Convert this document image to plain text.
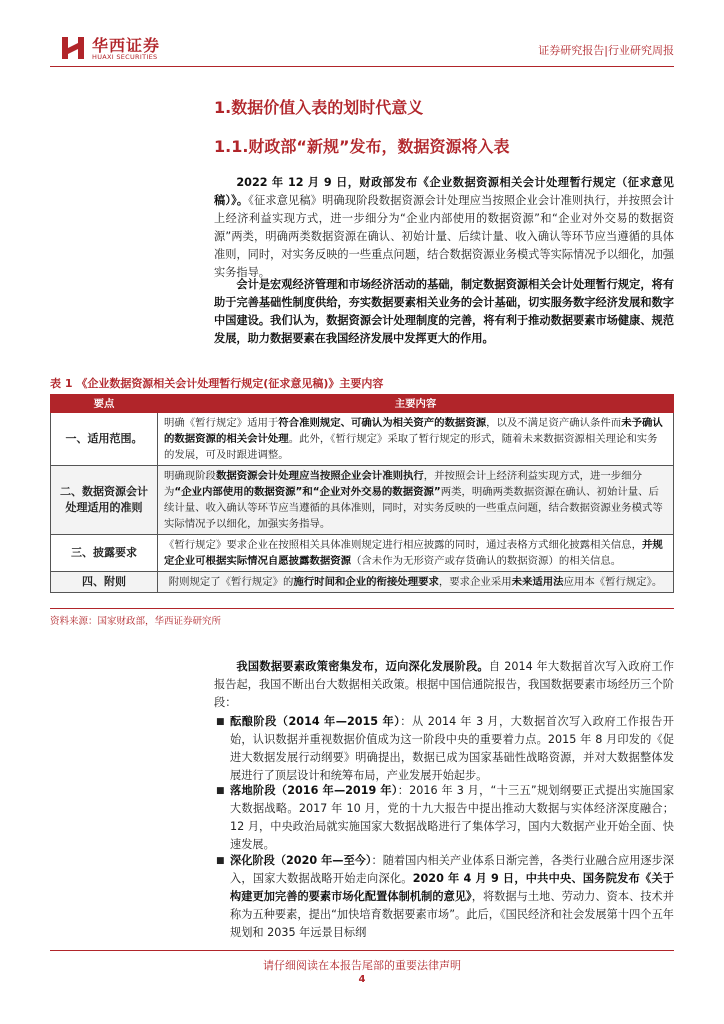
华西证券
HUAXI SECURITIES	证券研究报告|行业研究周报
1.数据价值入表的划时代意义
1.1.财政部“新规”发布，数据资源将入表
2022 年 12 月 9 日，财政部发布《企业数据资源相关会计处理暂行规定（征求意见稿）》。《征求意见稿》明确现阶段数据资源会计处理应当按照企业会计准则执行，并按照会计上经济利益实现方式，进一步细分为“企业内部使用的数据资源”和“企业对外交易的数据资源”两类，明确两类数据资源在确认、初始计量、后续计量、收入确认等环节应当遵循的具体准则，同时，对实务反映的一些重点问题，结合数据资源业务模式等实际情况予以细化，加强实务指导。
会计是宏观经济管理和市场经济活动的基础，制定数据资源相关会计处理暂行规定，将有助于完善基础性制度供给，夯实数据要素相关业务的会计基础，切实服务数字经济发展和数字中国建设。我们认为，数据资源会计处理制度的完善，将有利于推动数据要素市场健康、规范发展，助力数据要素在我国经济发展中发挥更大的作用。
表 1 《企业数据资源相关会计处理暂行规定(征求意见稿)》主要内容
要点	主要内容
一、适用范围。	明确《暂行规定》适用于符合准则规定、可确认为相关资产的数据资源，以及不满足资产确认条件而未予确认的数据资源的相关会计处理。此外，《暂行规定》采取了暂行规定的形式，随着未来数据资源相关理论和实务的发展，可及时跟进调整。
二、数据资源会计处理适用的准则	明确现阶段数据资源会计处理应当按照企业会计准则执行，并按照会计上经济利益实现方式，进一步细分为“企业内部使用的数据资源”和“企业对外交易的数据资源”两类，明确两类数据资源在确认、初始计量、后续计量、收入确认等环节应当遵循的具体准则，同时，对实务反映的一些重点问题，结合数据资源业务模式等实际情况予以细化，加强实务指导。
三、披露要求	《暂行规定》要求企业在按照相关具体准则规定进行相应披露的同时，通过表格方式细化披露相关信息，并规定企业可根据实际情况自愿披露数据资源（含未作为无形资产或存货确认的数据资源）的相关信息。
四、附则	附则规定了《暂行规定》的施行时间和企业的衔接处理要求，要求企业采用未来适用法应用本《暂行规定》。
资料来源：国家财政部，华西证券研究所
我国数据要素政策密集发布，迈向深化发展阶段。自 2014 年大数据首次写入政府工作报告起，我国不断出台大数据相关政策。根据中国信通院报告，我国数据要素市场经历三个阶段：
■ 酝酿阶段（2014 年—2015 年）：从 2014 年 3 月，大数据首次写入政府工作报告开始，认识数据并重视数据价值成为这一阶段中央的重要着力点。2015 年 8 月印发的《促进大数据发展行动纲要》明确提出，数据已成为国家基础性战略资源，并对大数据整体发展进行了顶层设计和统筹布局，产业发展开始起步。
■ 落地阶段（2016 年—2019 年）：2016 年 3 月，“十三五”规划纲要正式提出实施国家大数据战略。2017 年 10 月，党的十九大报告中提出推动大数据与实体经济深度融合；12 月，中央政治局就实施国家大数据战略进行了集体学习，国内大数据产业开始全面、快速发展。
■ 深化阶段（2020 年—至今）：随着国内相关产业体系日渐完善，各类行业融合应用逐步深入，国家大数据战略开始走向深化。2020 年 4 月 9 日，中共中央、国务院发布《关于构建更加完善的要素市场化配置体制机制的意见》，将数据与土地、劳动力、资本、技术并称为五种要素，提出“加快培育数据要素市场”。此后，《国民经济和社会发展第十四个五年规划和 2035 年远景目标纲
请仔细阅读在本报告尾部的重要法律声明
4
